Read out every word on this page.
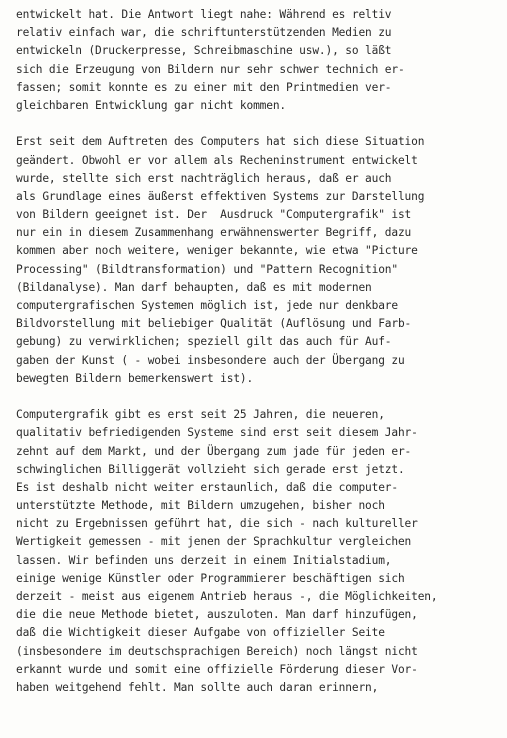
entwickelt hat. Die Antwort liegt nahe: Während es reltiv
relativ einfach war, die schriftunterstützenden Medien zu
entwickeln (Druckerpresse, Schreibmaschine usw.), so läßt
sich die Erzeugung von Bildern nur sehr schwer technich er-
fassen; somit konnte es zu einer mit den Printmedien ver-
gleichbaren Entwicklung gar nicht kommen.
Erst seit dem Auftreten des Computers hat sich diese Situation
geändert. Obwohl er vor allem als Recheninstrument entwickelt
wurde, stellte sich erst nachträglich heraus, daß er auch
als Grundlage eines äußerst effektiven Systems zur Darstellung
von Bildern geeignet ist. Der  Ausdruck "Computergrafik" ist
nur ein in diesem Zusammenhang erwähnenswerter Begriff, dazu
kommen aber noch weitere, weniger bekannte, wie etwa "Picture
Processing" (Bildtransformation) und "Pattern Recognition"
(Bildanalyse). Man darf behaupten, daß es mit modernen
computergrafischen Systemen möglich ist, jede nur denkbare
Bildvorstellung mit beliebiger Qualität (Auflösung und Farb-
gebung) zu verwirklichen; speziell gilt das auch für Auf-
gaben der Kunst ( - wobei insbesondere auch der Übergang zu
bewegten Bildern bemerkenswert ist).
Computergrafik gibt es erst seit 25 Jahren, die neueren,
qualitativ befriedigenden Systeme sind erst seit diesem Jahr-
zehnt auf dem Markt, und der Übergang zum jade für jeden er-
schwinglichen Billiggerät vollzieht sich gerade erst jetzt.
Es ist deshalb nicht weiter erstaunlich, daß die computer-
unterstützte Methode, mit Bildern umzugehen, bisher noch
nicht zu Ergebnissen geführt hat, die sich - nach kultureller
Wertigkeit gemessen - mit jenen der Sprachkultur vergleichen
lassen. Wir befinden uns derzeit in einem Initialstadium,
einige wenige Künstler oder Programmierer beschäftigen sich
derzeit - meist aus eigenem Antrieb heraus -, die Möglichkeiten,
die die neue Methode bietet, auszuloten. Man darf hinzufügen,
daß die Wichtigkeit dieser Aufgabe von offizieller Seite
(insbesondere im deutschsprachigen Bereich) noch längst nicht
erkannt wurde und somit eine offizielle Förderung dieser Vor-
haben weitgehend fehlt. Man sollte auch daran erinnern,
